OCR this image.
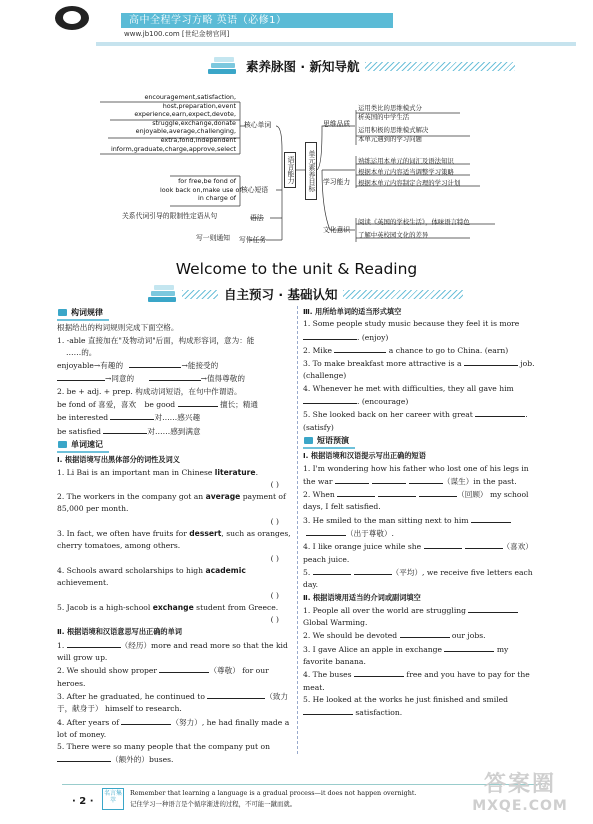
高中全程学习方略 英语（必修1）
www.jb100.com [世纪金榜官网]
素养脉图 · 新知导航
encouragement,satisfaction,
host,preparation,event
experience,earn,expect,devote,
struggle,exchange,donate
enjoyable,average,challenging,
extra,fond,independent
inform,graduate,charge,approve,select
核心单词
for free,be fond of
look back on,make use of
in charge of
核心短语
关系代词引导的限制性定语从句	语法
写一则通知 写作任务
语言能力	单元素养目标
思维品质
运用类比的思维模式分
析英国的中学生活
运用积极的思维模式解决
本单元遇到的学习问题
学习能力
熟练运用本单元的词汇及语法知识
根据本单元内容适当调整学习策略
根据本单元内容制定合理的学习计划
文化意识
阅读《英国的学校生活》，体味语言特色
了解中英校园文化的差异
Welcome to the unit & Reading
自主预习 · 基础认知
构词规律
根据给出的构词规则完成下面空格。
1. -able 直接加在"及物动词"后面，构成形容词，意为：能
……的。
enjoyable→有趣的	→能接受的
→同意的	→值得尊敬的
2. be + adj. + prep. 构成动词短语，在句中作谓语。
be fond of 喜爱，喜欢 be good	擅长；精通
be interested	对……感兴趣
be satisfied	对……感到满意
单词速记
Ⅰ. 根据语境写出黑体部分的词性及词义
1. Li Bai is an important man in Chinese literature.
( )
2. The workers in the company got an average payment of 85,000 per month.
( )
3. In fact, we often have fruits for dessert, such as oranges, cherry tomatoes, among others.
( )
4. Schools award scholarships to high academic achievement.
( )
5. Jacob is a high-school exchange student from Greece.
( )
Ⅱ. 根据语境和汉语意思写出正确的单词
1.	（经历）more and read more so that the kid will grow up.
2. We should show proper	（尊敬） for our heroes.
3. After he graduated, he continued to	（致力于，献身于） himself to research.
4. After years of	（努力）, he had finally made a lot of money.
5. There were so many people that the company put on （额外的）buses.
Ⅲ. 用所给单词的适当形式填空
1. Some people study music because they feel it is more . (enjoy)
2. Mike	a chance to go to China. (earn)
3. To make breakfast more attractive is a	job. (challenge)
4. Whenever he met with difficulties, they all gave him . (encourage)
5. She looked back on her career with great	. (satisfy)
短语预演
Ⅰ. 根据语境和汉语提示写出正确的短语
1. I'm wondering how his father who lost one of his legs in the war	（谋生）in the past.
2. When	（回顾） my school days, I felt satisfied.
3. He smiled to the man sitting next to him （出于尊敬）.
4. I like orange juice while she	（喜欢）peach juice.
5.	（平均）, we receive five letters each day.
Ⅱ. 根据语境用适当的介词或副词填空
1. People all over the world are struggling  Global Warming.
2. We should be devoted	our jobs.
3. I gave Alice an apple in exchange	my favorite banana.
4. The buses	free and you have to pay for the meat.
5. He looked at the works he just finished and smiled  satisfaction.
· 2 ·
名言集萃
Remember that learning a language is a gradual process—it does not happen overnight.
记住学习一种语言是个循序渐进的过程，不可能一蹴而就。
答案圈
MXQE.COM
